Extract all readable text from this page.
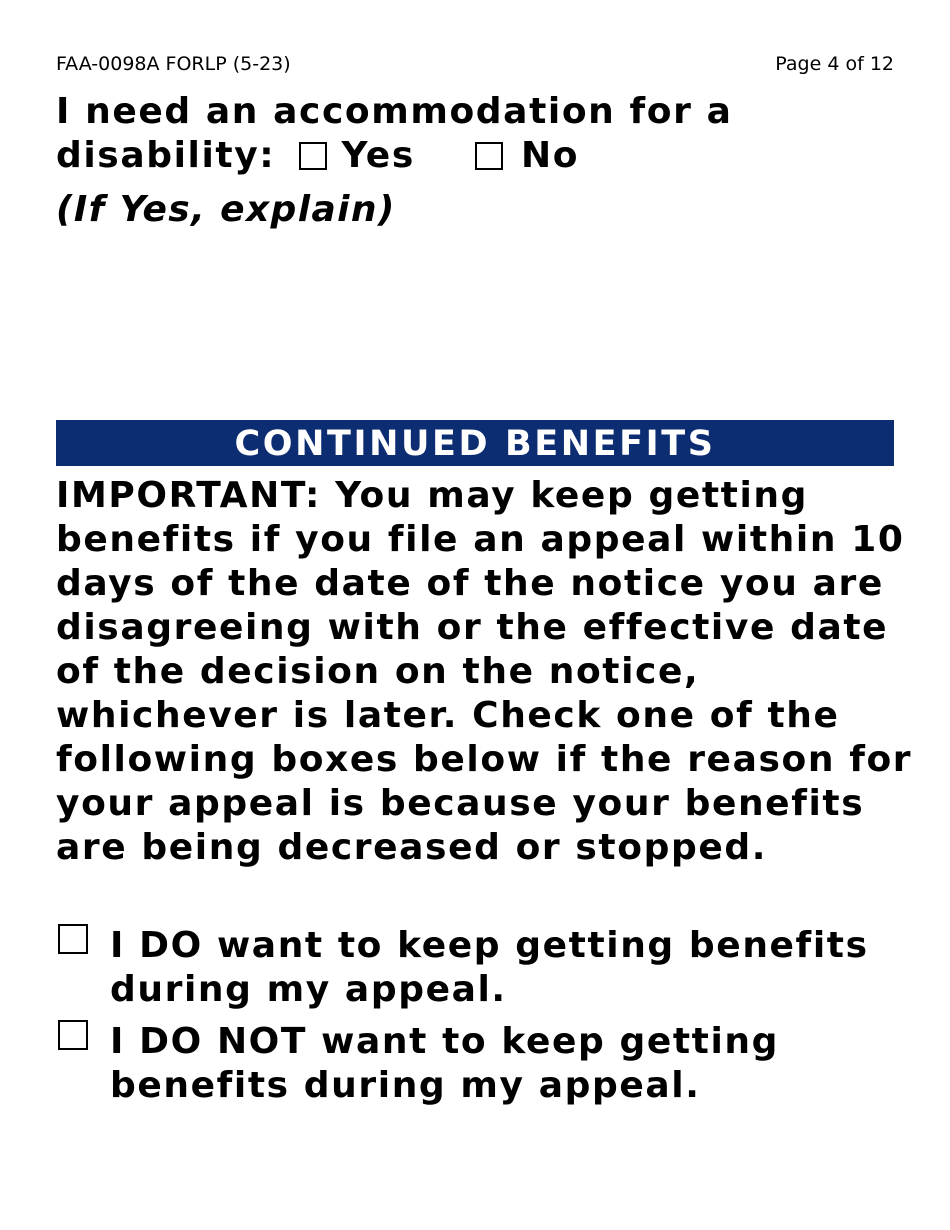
FAA-0098A FORLP (5-23)	Page 4 of 12
I need an accommodation for a disability: Yes	No
(If Yes, explain)
CONTINUED BENEFITS
IMPORTANT: You may keep getting benefits if you file an appeal within 10 days of the date of the notice you are disagreeing with or the effective date of the decision on the notice, whichever is later. Check one of the following boxes below if the reason for your appeal is because your benefits are being decreased or stopped.
I DO want to keep getting benefits during my appeal.
I DO NOT want to keep getting benefits during my appeal.
